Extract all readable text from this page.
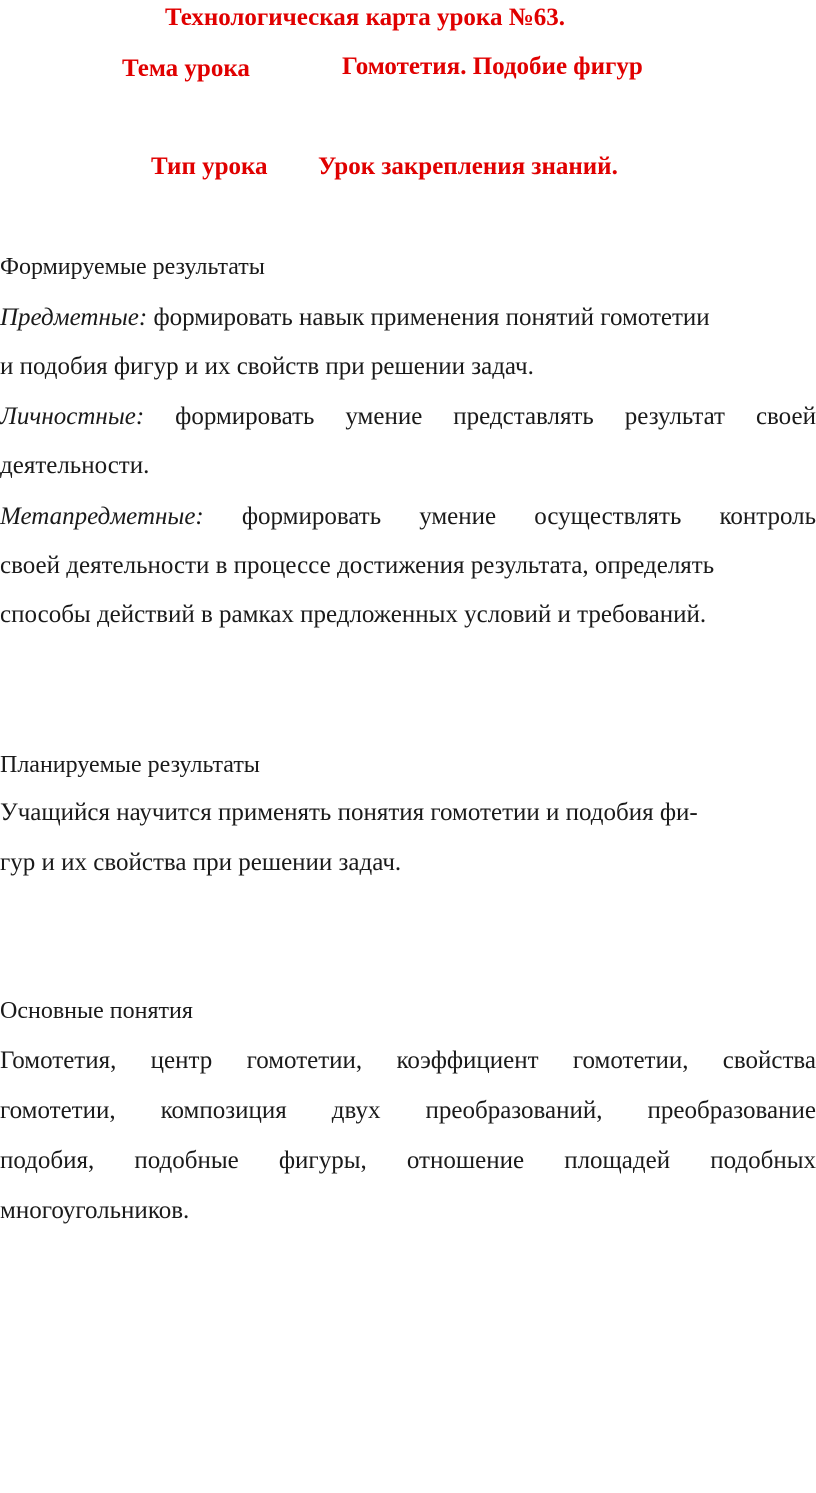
Технологическая карта урока №63.
Тема урока	Гомотетия. Подобие фигур
Тип урока Урок закрепления знаний.
Формируемые результаты
Предметные: формировать навык применения понятий гомотетии
и подобия фигур и их свойств при решении задач.
Личностные: формировать умение представлять результат своей
деятельности.
Метапредметные: формировать умение осуществлять контроль
своей деятельности в процессе достижения результата, определять
способы действий в рамках предложенных условий и требований.
Планируемые результаты
Учащийся научится применять понятия гомотетии и подобия фи-
гур и их свойства при решении задач.
Основные понятия
Гомотетия, центр гомотетии, коэффициент гомотетии, свойства
гомотетии, композиция двух преобразований, преобразование
подобия, подобные фигуры, отношение площадей подобных
многоугольников.
